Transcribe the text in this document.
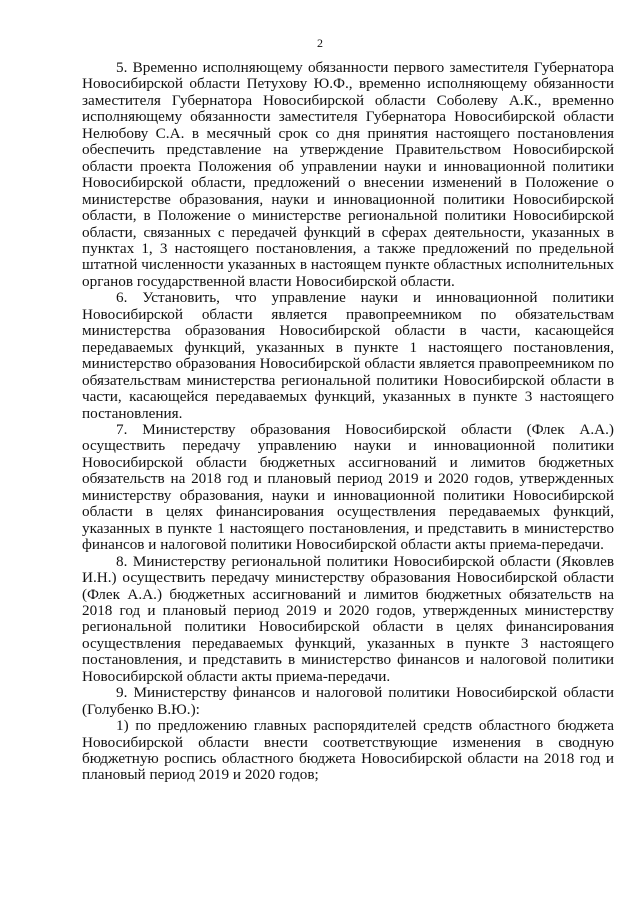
2

5. Временно исполняющему обязанности первого заместителя Губернатора Новосибирской области Петухову Ю.Ф., временно исполняющему обязанности заместителя Губернатора Новосибирской области Соболеву А.К., временно исполняющему обязанности заместителя Губернатора Новосибирской области Нелюбову С.А. в месячный срок со дня принятия настоящего постановления обеспечить представление на утверждение Правительством Новосибирской области проекта Положения об управлении науки и инновационной политики Новосибирской области, предложений о внесении изменений в Положение о министерстве образования, науки и инновационной политики Новосибирской области, в Положение о министерстве региональной политики Новосибирской области, связанных с передачей функций в сферах деятельности, указанных в пунктах 1, 3 настоящего постановления, а также предложений по предельной штатной численности указанных в настоящем пункте областных исполнительных органов государственной власти Новосибирской области.

6. Установить, что управление науки и инновационной политики Новосибирской области является правопреемником по обязательствам министерства образования Новосибирской области в части, касающейся передаваемых функций, указанных в пункте 1 настоящего постановления, министерство образования Новосибирской области является правопреемником по обязательствам министерства региональной политики Новосибирской области в части, касающейся передаваемых функций, указанных в пункте 3 настоящего постановления.

7. Министерству образования Новосибирской области (Флек А.А.) осуществить передачу управлению науки и инновационной политики Новосибирской области бюджетных ассигнований и лимитов бюджетных обязательств на 2018 год и плановый период 2019 и 2020 годов, утвержденных министерству образования, науки и инновационной политики Новосибирской области в целях финансирования осуществления передаваемых функций, указанных в пункте 1 настоящего постановления, и представить в министерство финансов и налоговой политики Новосибирской области акты приема-передачи.

8. Министерству региональной политики Новосибирской области (Яковлев И.Н.) осуществить передачу министерству образования Новосибирской области (Флек А.А.) бюджетных ассигнований и лимитов бюджетных обязательств на 2018 год и плановый период 2019 и 2020 годов, утвержденных министерству региональной политики Новосибирской области в целях финансирования осуществления передаваемых функций, указанных в пункте 3 настоящего постановления, и представить в министерство финансов и налоговой политики Новосибирской области акты приема-передачи.

9. Министерству финансов и налоговой политики Новосибирской области (Голубенко В.Ю.):

1) по предложению главных распорядителей средств областного бюджета Новосибирской области внести соответствующие изменения в сводную бюджетную роспись областного бюджета Новосибирской области на 2018 год и плановый период 2019 и 2020 годов;
